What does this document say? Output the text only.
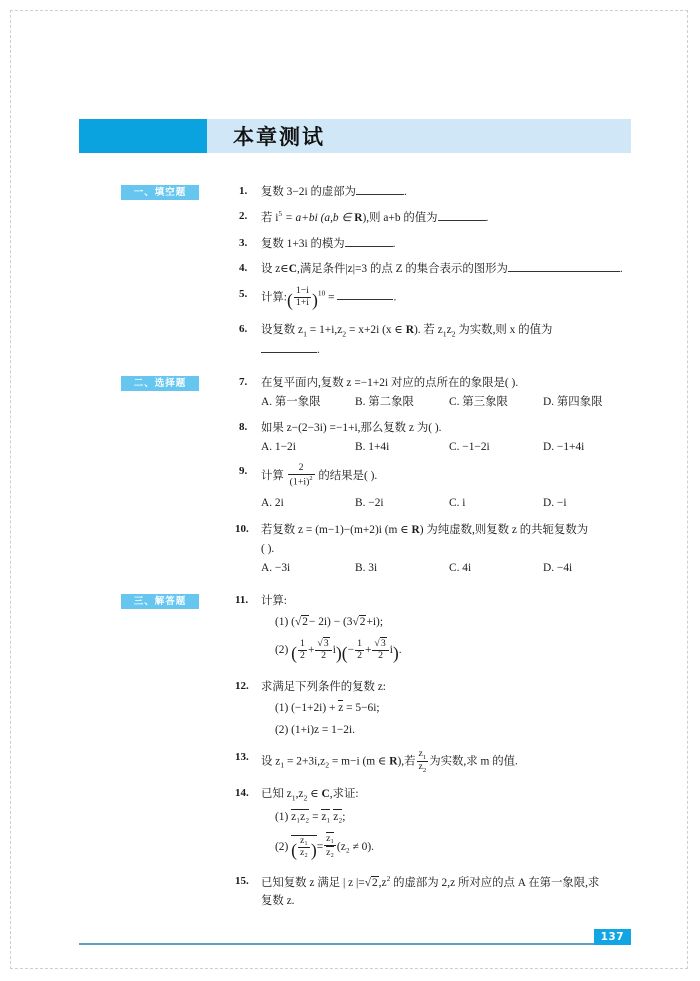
本章测试
一、填空题	1. 复数 3−2i 的虚部为	.
2. 若 $i^5 = a+bi$ (a,b ∈ R),则 a+b 的值为	.
3. 复数 1+3i 的模为	.
4. 设 z∈C,满足条件|z|=3 的点 Z 的集合表示的图形为	.
5. 计算:( $\frac{1-i}{1+i} )^{10}$ =	.
6. 设复数 $z_1 = 1+i,z_2 = x+2i$ (x ∈ R). 若 $z_1z_2$ 为实数,则 x 的值为
.
二、选择题	7. 在复平面内,复数 z =−1+2i 对应的点所在的象限是( ).
A. 第一象限	B. 第二象限	C. 第三象限	D. 第四象限
8. 如果 z−(2−3i) =−1+i,那么复数 z 为( ).
A. 1−2i	B. 1+4i	C. −1−2i	D. −1+4i
9. 计算 $\frac{2}{(1+i)^2}$ 的结果是( ).
A. 2i	B. −2i	C. i	D. −i
10. 若复数 z = (m−1)−(m+2)i (m ∈ R) 为纯虚数,则复数 z 的共轭复数为
( ).
A. −3i	B. 3i	C. 4i	D. −4i
三、解答题	11. 计算:
(1) (√2− 2i) − (3√2+i);
(2) ( $\frac{1}{2} + \frac{√3}{2} i)(- \frac{1}{2} + \frac{√3}{2} i)$.
12. 求满足下列条件的复数 z:
(1) (−1+2i) + z = 5−6i;
(2) (1+i)z = 1−2i.
13. 设 $z_1 = 2+3i,z_2 = m-i$ (m ∈ R),若 $\frac{z_1}{z_2}$ 为实数,求 m 的值.
14. 已知 $z_1,z_2$ ∈ C,求证:
(1) z₁z₂ = z₁ z₂;
(2) ( $\frac{\text{z₁}}{\text{z₂}}$ )= $\frac{\text{z₁}}{\text{z₂}} (z_2 \ne 0)$.
15. 已知复数 z 满足 | z $|=√2,z^2$ 的虚部为 2,z 所对应的点 A 在第一象限,求
复数 z.
137
